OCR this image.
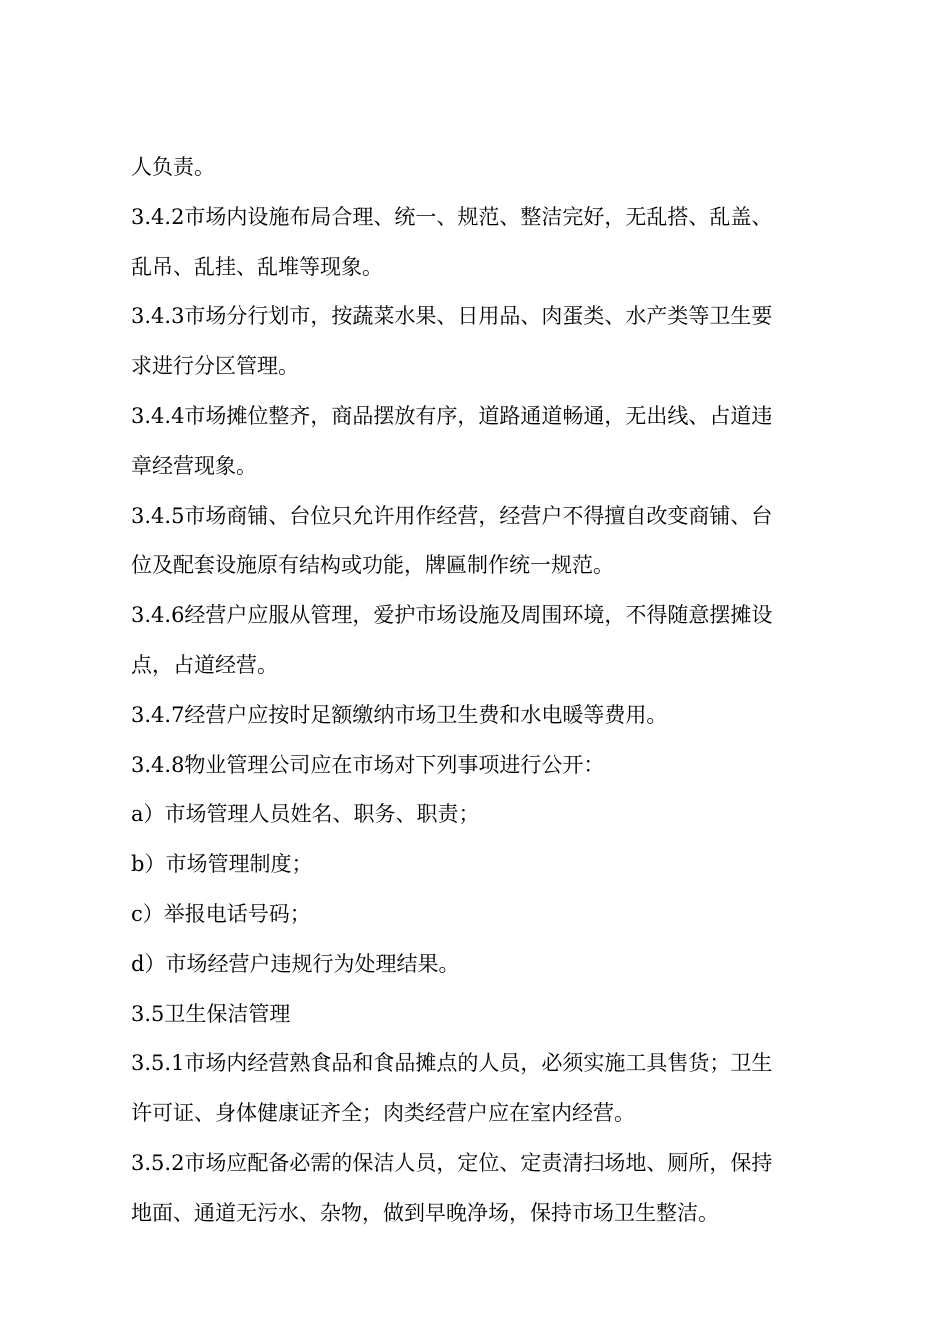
人负责。
3.4.2市场内设施布局合理、统一、规范、整洁完好，无乱搭、乱盖、
乱吊、乱挂、乱堆等现象。
3.4.3市场分行划市，按蔬菜水果、日用品、肉蛋类、水产类等卫生要
求进行分区管理。
3.4.4市场摊位整齐，商品摆放有序，道路通道畅通，无出线、占道违
章经营现象。
3.4.5市场商铺、台位只允许用作经营，经营户不得擅自改变商铺、台
位及配套设施原有结构或功能，牌匾制作统一规范。
3.4.6经营户应服从管理，爱护市场设施及周围环境，不得随意摆摊设
点，占道经营。
3.4.7经营户应按时足额缴纳市场卫生费和水电暖等费用。
3.4.8物业管理公司应在市场对下列事项进行公开：
a）市场管理人员姓名、职务、职责；
b）市场管理制度；
c）举报电话号码；
d）市场经营户违规行为处理结果。
3.5卫生保洁管理
3.5.1市场内经营熟食品和食品摊点的人员，必须实施工具售货；卫生
许可证、身体健康证齐全；肉类经营户应在室内经营。
3.5.2市场应配备必需的保洁人员，定位、定责清扫场地、厕所，保持
地面、通道无污水、杂物，做到早晚净场，保持市场卫生整洁。
